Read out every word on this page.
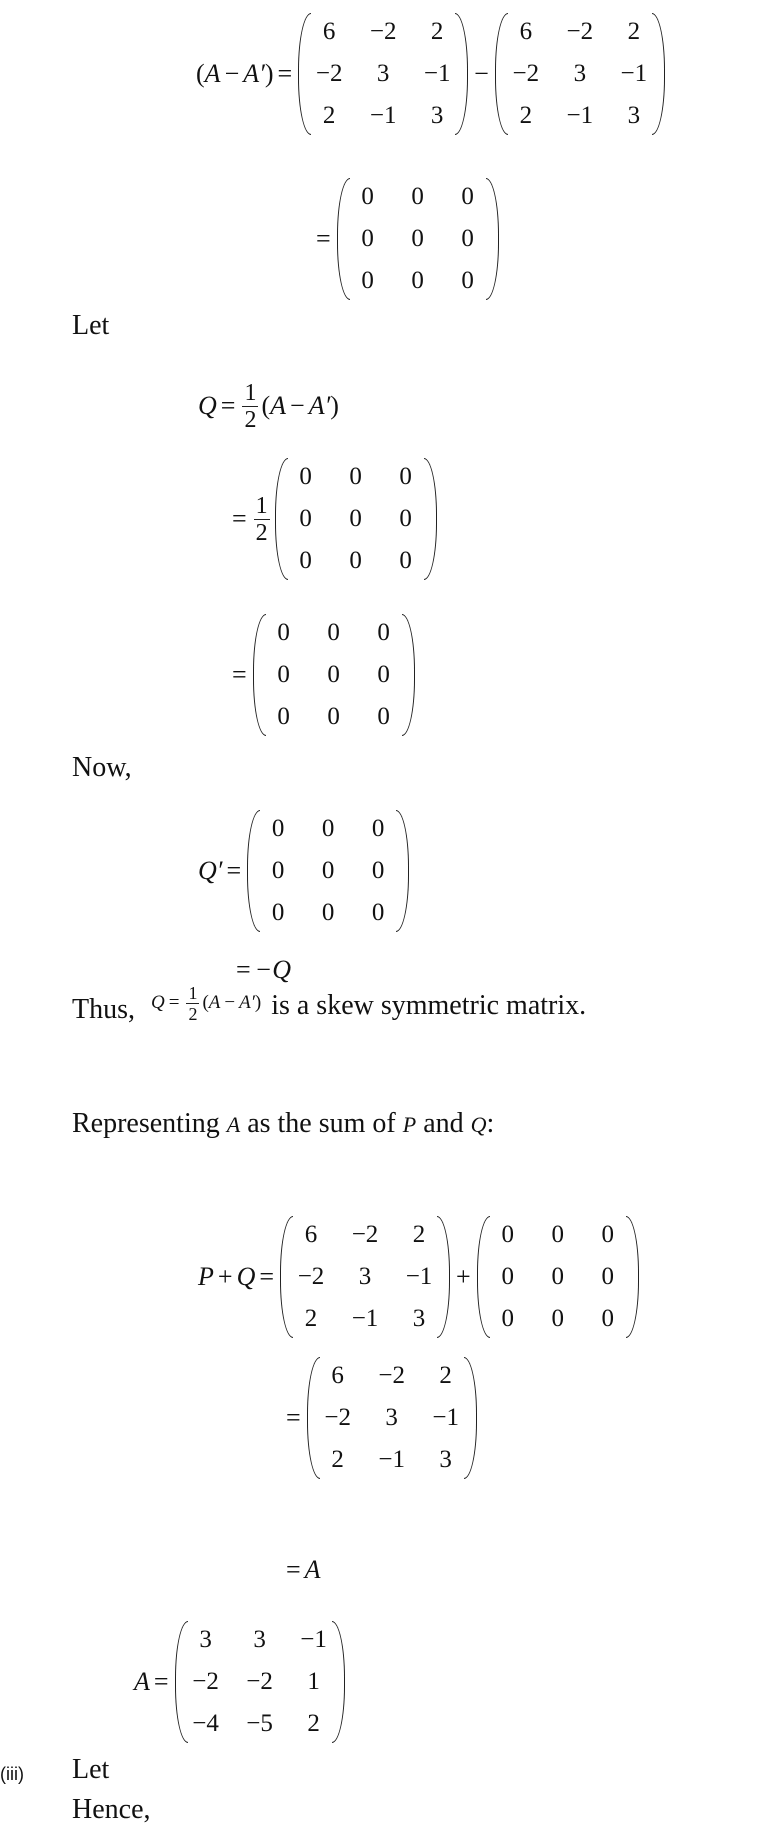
( A − A′ ) =
6	−2	2
−2	3	−1
2	−1	3
−
6	−2	2
−2	3	−1
2	−1	3
=
0	0	0
0	0	0
0	0	0
Let
$Q = \frac{1}{2}$ ( A − A′ )
= $\frac{1}{2}$
0	0	0
0	0	0
0	0	0
=
0	0	0
0	0	0
0	0	0
Now,
Q′ =
0	0	0
0	0	0
0	0	0
= −Q
Thus, $Q = \frac{1}{2}$ ( A − A′ ) is a skew symmetric matrix.
Representing A as the sum of P and Q:
P + Q =
6	−2	2
−2	3	−1
2	−1	3
+
0	0	0
0	0	0
0	0	0
=
6	−2	2
−2	3	−1
2	−1	3
= A
A =
3	3	−1
−2 −2	1
−4 −5	2
(iii) Let
Hence,
